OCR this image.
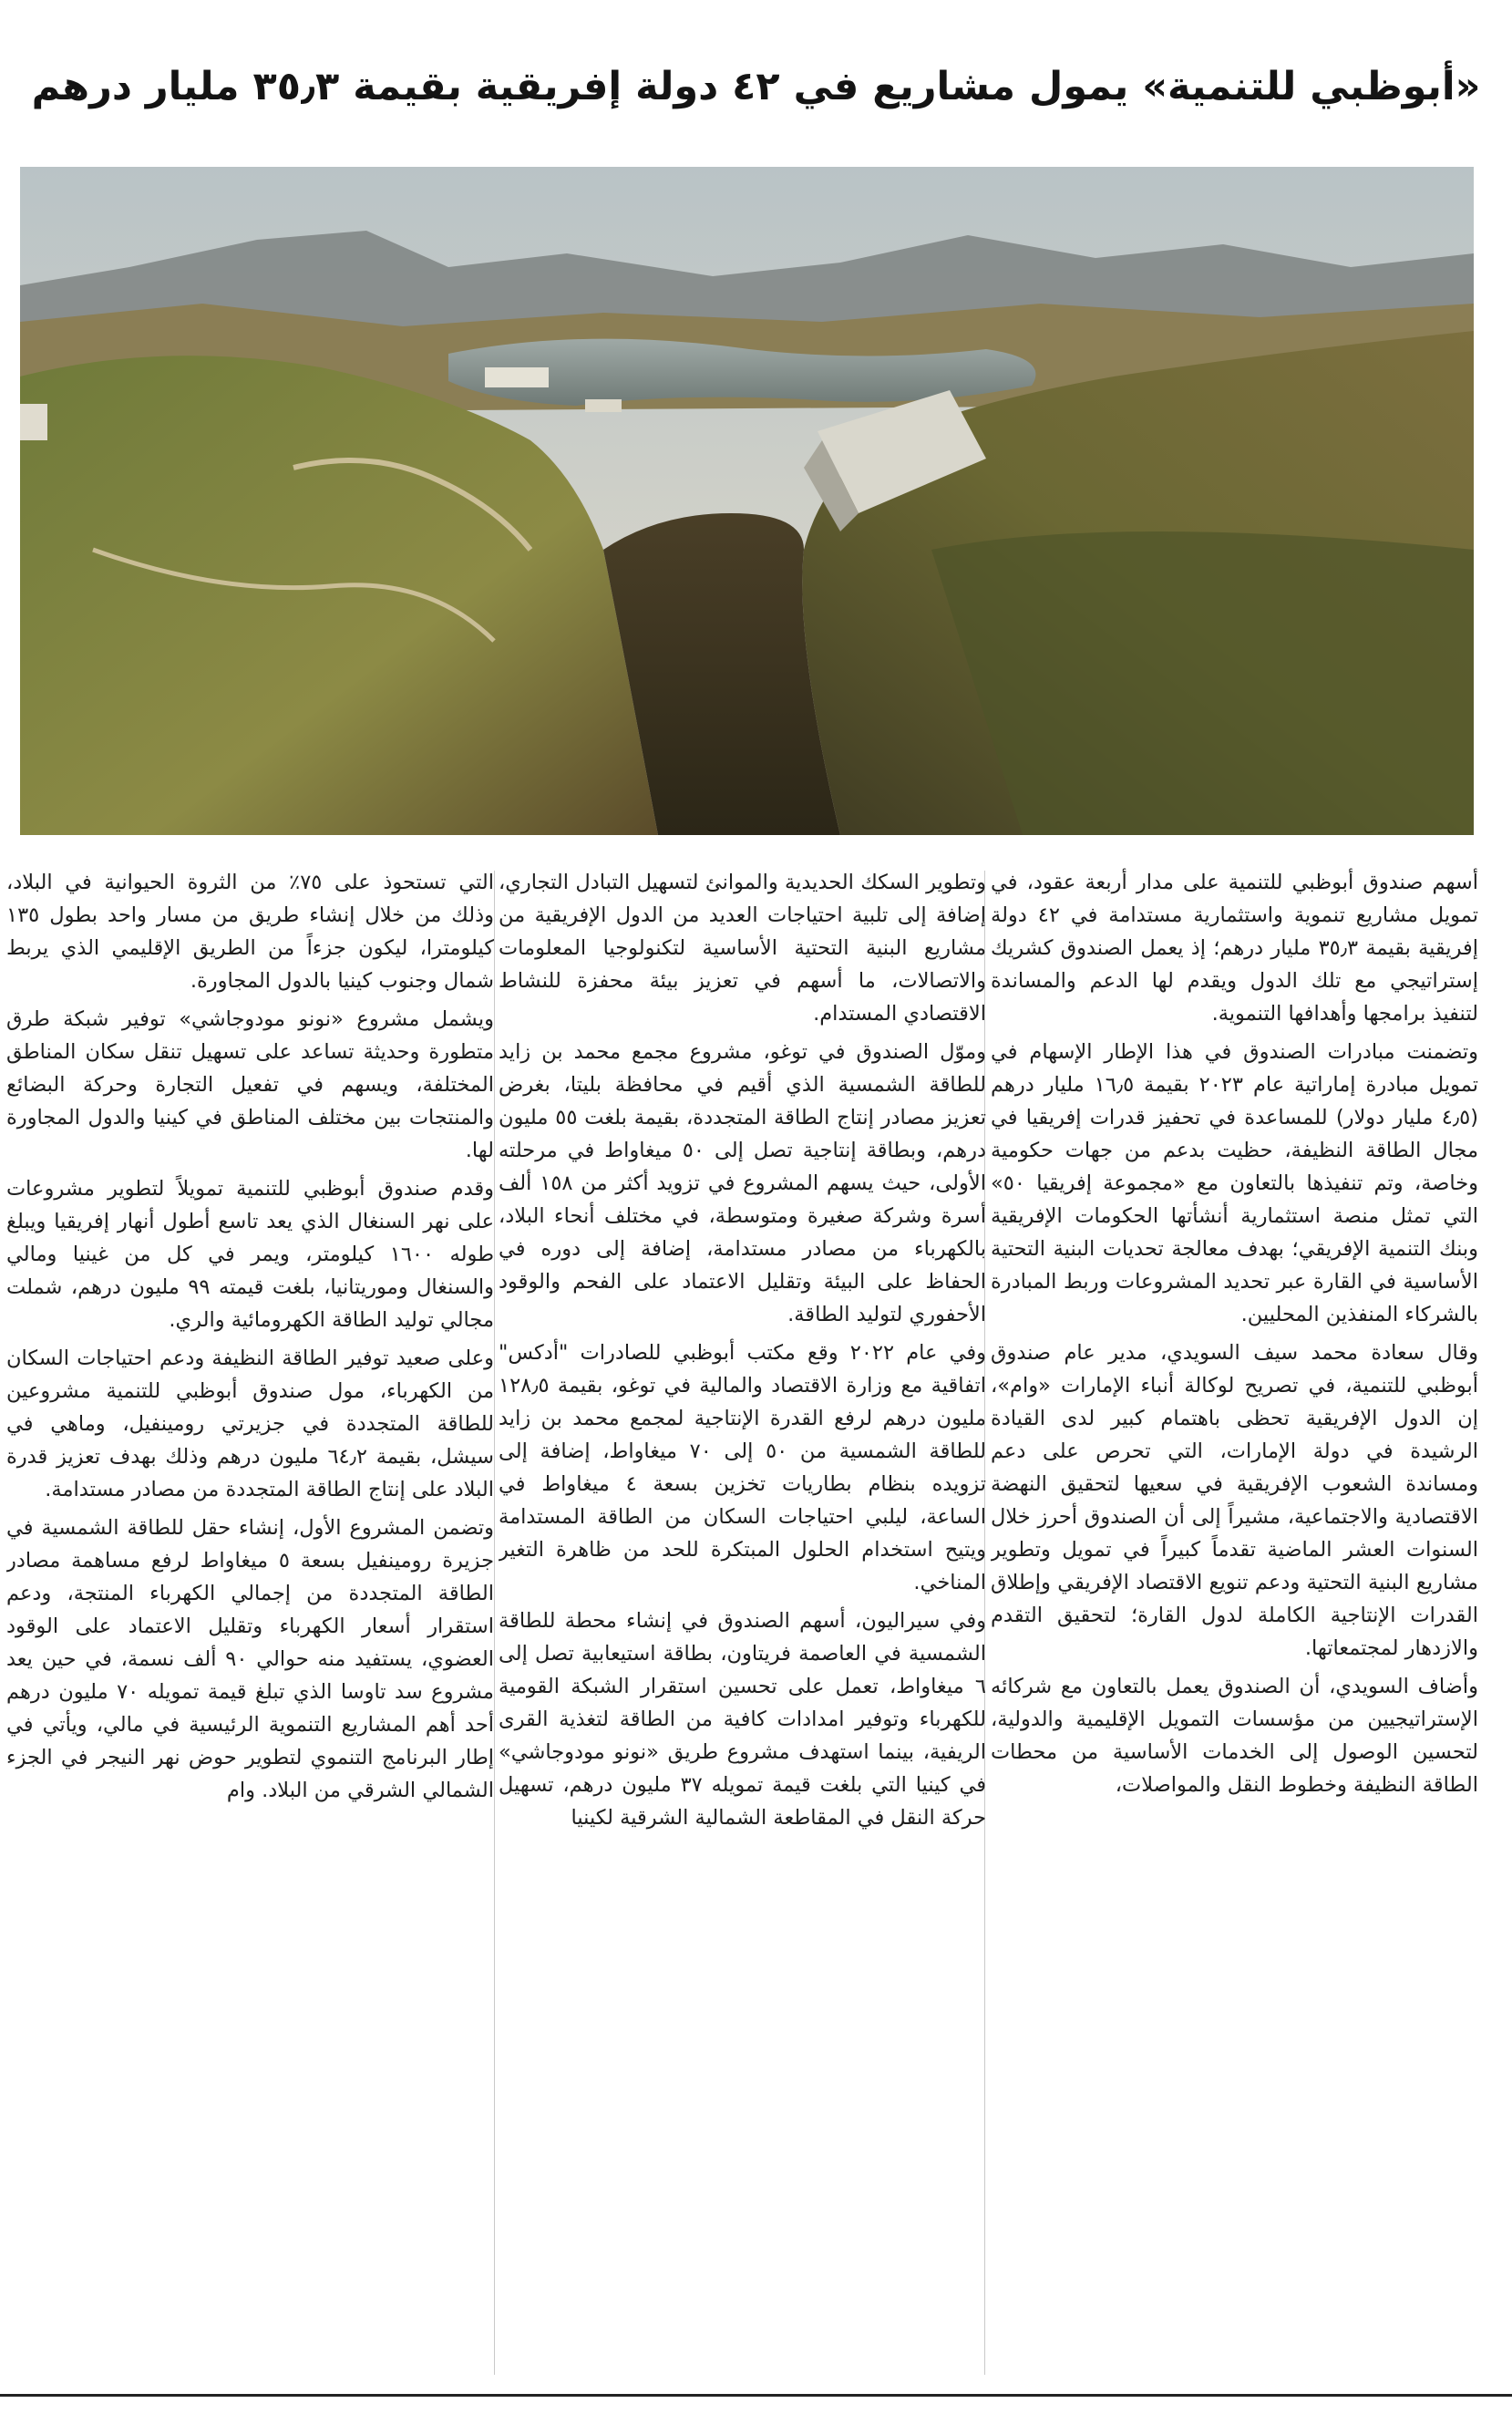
«أبوظبي للتنمية» يمول مشاريع في ٤٢ دولة إفريقية بقيمة ٣٥٫٣ مليار درهم

أسهم صندوق أبوظبي للتنمية على مدار أربعة عقود، في تمويل مشاريع تنموية واستثمارية مستدامة في ٤٢ دولة إفريقية بقيمة ٣٥٫٣ مليار درهم؛ إذ يعمل الصندوق كشريك إستراتيجي مع تلك الدول ويقدم لها الدعم والمساندة لتنفيذ برامجها وأهدافها التنموية.

وتضمنت مبادرات الصندوق في هذا الإطار الإسهام في تمويل مبادرة إماراتية عام ٢٠٢٣ بقيمة ١٦٫٥ مليار درهم (٤٫٥ مليار دولار) للمساعدة في تحفيز قدرات إفريقيا في مجال الطاقة النظيفة، حظيت بدعم من جهات حكومية وخاصة، وتم تنفيذها بالتعاون مع «مجموعة إفريقيا ٥٠» التي تمثل منصة استثمارية أنشأتها الحكومات الإفريقية وبنك التنمية الإفريقي؛ بهدف معالجة تحديات البنية التحتية الأساسية في القارة عبر تحديد المشروعات وربط المبادرة بالشركاء المنفذين المحليين.

وقال سعادة محمد سيف السويدي، مدير عام صندوق أبوظبي للتنمية، في تصريح لوكالة أنباء الإمارات «وام»، إن الدول الإفريقية تحظى باهتمام كبير لدى القيادة الرشيدة في دولة الإمارات، التي تحرص على دعم ومساندة الشعوب الإفريقية في سعيها لتحقيق النهضة الاقتصادية والاجتماعية، مشيراً إلى أن الصندوق أحرز خلال السنوات العشر الماضية تقدماً كبيراً في تمويل وتطوير مشاريع البنية التحتية ودعم تنويع الاقتصاد الإفريقي وإطلاق القدرات الإنتاجية الكاملة لدول القارة؛ لتحقيق التقدم والازدهار لمجتمعاتها.

وأضاف السويدي، أن الصندوق يعمل بالتعاون مع شركائه الإستراتيجيين من مؤسسات التمويل الإقليمية والدولية، لتحسين الوصول إلى الخدمات الأساسية من محطات الطاقة النظيفة وخطوط النقل والمواصلات،

وتطوير السكك الحديدية والموانئ لتسهيل التبادل التجاري، إضافة إلى تلبية احتياجات العديد من الدول الإفريقية من مشاريع البنية التحتية الأساسية لتكنولوجيا المعلومات والاتصالات، ما أسهم في تعزيز بيئة محفزة للنشاط الاقتصادي المستدام.

وموّل الصندوق في توغو، مشروع مجمع محمد بن زايد للطاقة الشمسية الذي أقيم في محافظة بليتا، بغرض تعزيز مصادر إنتاج الطاقة المتجددة، بقيمة بلغت ٥٥ مليون درهم، وبطاقة إنتاجية تصل إلى ٥٠ ميغاواط في مرحلته الأولى، حيث يسهم المشروع في تزويد أكثر من ١٥٨ ألف أسرة وشركة صغيرة ومتوسطة، في مختلف أنحاء البلاد، بالكهرباء من مصادر مستدامة، إضافة إلى دوره في الحفاظ على البيئة وتقليل الاعتماد على الفحم والوقود الأحفوري لتوليد الطاقة.

وفي عام ٢٠٢٢ وقع مكتب أبوظبي للصادرات "أدكس" اتفاقية مع وزارة الاقتصاد والمالية في توغو، بقيمة ١٢٨٫٥ مليون درهم لرفع القدرة الإنتاجية لمجمع محمد بن زايد للطاقة الشمسية من ٥٠ إلى ٧٠ ميغاواط، إضافة إلى تزويده بنظام بطاريات تخزين بسعة ٤ ميغاواط في الساعة، ليلبي احتياجات السكان من الطاقة المستدامة ويتيح استخدام الحلول المبتكرة للحد من ظاهرة التغير المناخي.

وفي سيراليون، أسهم الصندوق في إنشاء محطة للطاقة الشمسية في العاصمة فريتاون، بطاقة استيعابية تصل إلى ٦ ميغاواط، تعمل على تحسين استقرار الشبكة القومية للكهرباء وتوفير امدادات كافية من الطاقة لتغذية القرى الريفية، بينما استهدف مشروع طريق «نونو مودوجاشي» في كينيا التي بلغت قيمة تمويله ٣٧ مليون درهم، تسهيل حركة النقل في المقاطعة الشمالية الشرقية لكينيا

التي تستحوذ على ٧٥٪ من الثروة الحيوانية في البلاد، وذلك من خلال إنشاء طريق من مسار واحد بطول ١٣٥ كيلومترا، ليكون جزءاً من الطريق الإقليمي الذي يربط شمال وجنوب كينيا بالدول المجاورة.

ويشمل مشروع «نونو مودوجاشي» توفير شبكة طرق متطورة وحديثة تساعد على تسهيل تنقل سكان المناطق المختلفة، ويسهم في تفعيل التجارة وحركة البضائع والمنتجات بين مختلف المناطق في كينيا والدول المجاورة لها.

وقدم صندوق أبوظبي للتنمية تمويلاً لتطوير مشروعات على نهر السنغال الذي يعد تاسع أطول أنهار إفريقيا ويبلغ طوله ١٦٠٠ كيلومتر، ويمر في كل من غينيا ومالي والسنغال وموريتانيا، بلغت قيمته ٩٩ مليون درهم، شملت مجالي توليد الطاقة الكهرومائية والري.

وعلى صعيد توفير الطاقة النظيفة ودعم احتياجات السكان من الكهرباء، مول صندوق أبوظبي للتنمية مشروعين للطاقة المتجددة في جزيرتي رومينفيل، وماهي في سيشل، بقيمة ٦٤٫٢ مليون درهم وذلك بهدف تعزيز قدرة البلاد على إنتاج الطاقة المتجددة من مصادر مستدامة.

وتضمن المشروع الأول، إنشاء حقل للطاقة الشمسية في جزيرة رومينفيل بسعة ٥ ميغاواط لرفع مساهمة مصادر الطاقة المتجددة من إجمالي الكهرباء المنتجة، ودعم استقرار أسعار الكهرباء وتقليل الاعتماد على الوقود العضوي، يستفيد منه حوالي ٩٠ ألف نسمة، في حين يعد مشروع سد تاوسا الذي تبلغ قيمة تمويله ٧٠ مليون درهم أحد أهم المشاريع التنموية الرئيسية في مالي، ويأتي في إطار البرنامج التنموي لتطوير حوض نهر النيجر في الجزء الشمالي الشرقي من البلاد. وام
